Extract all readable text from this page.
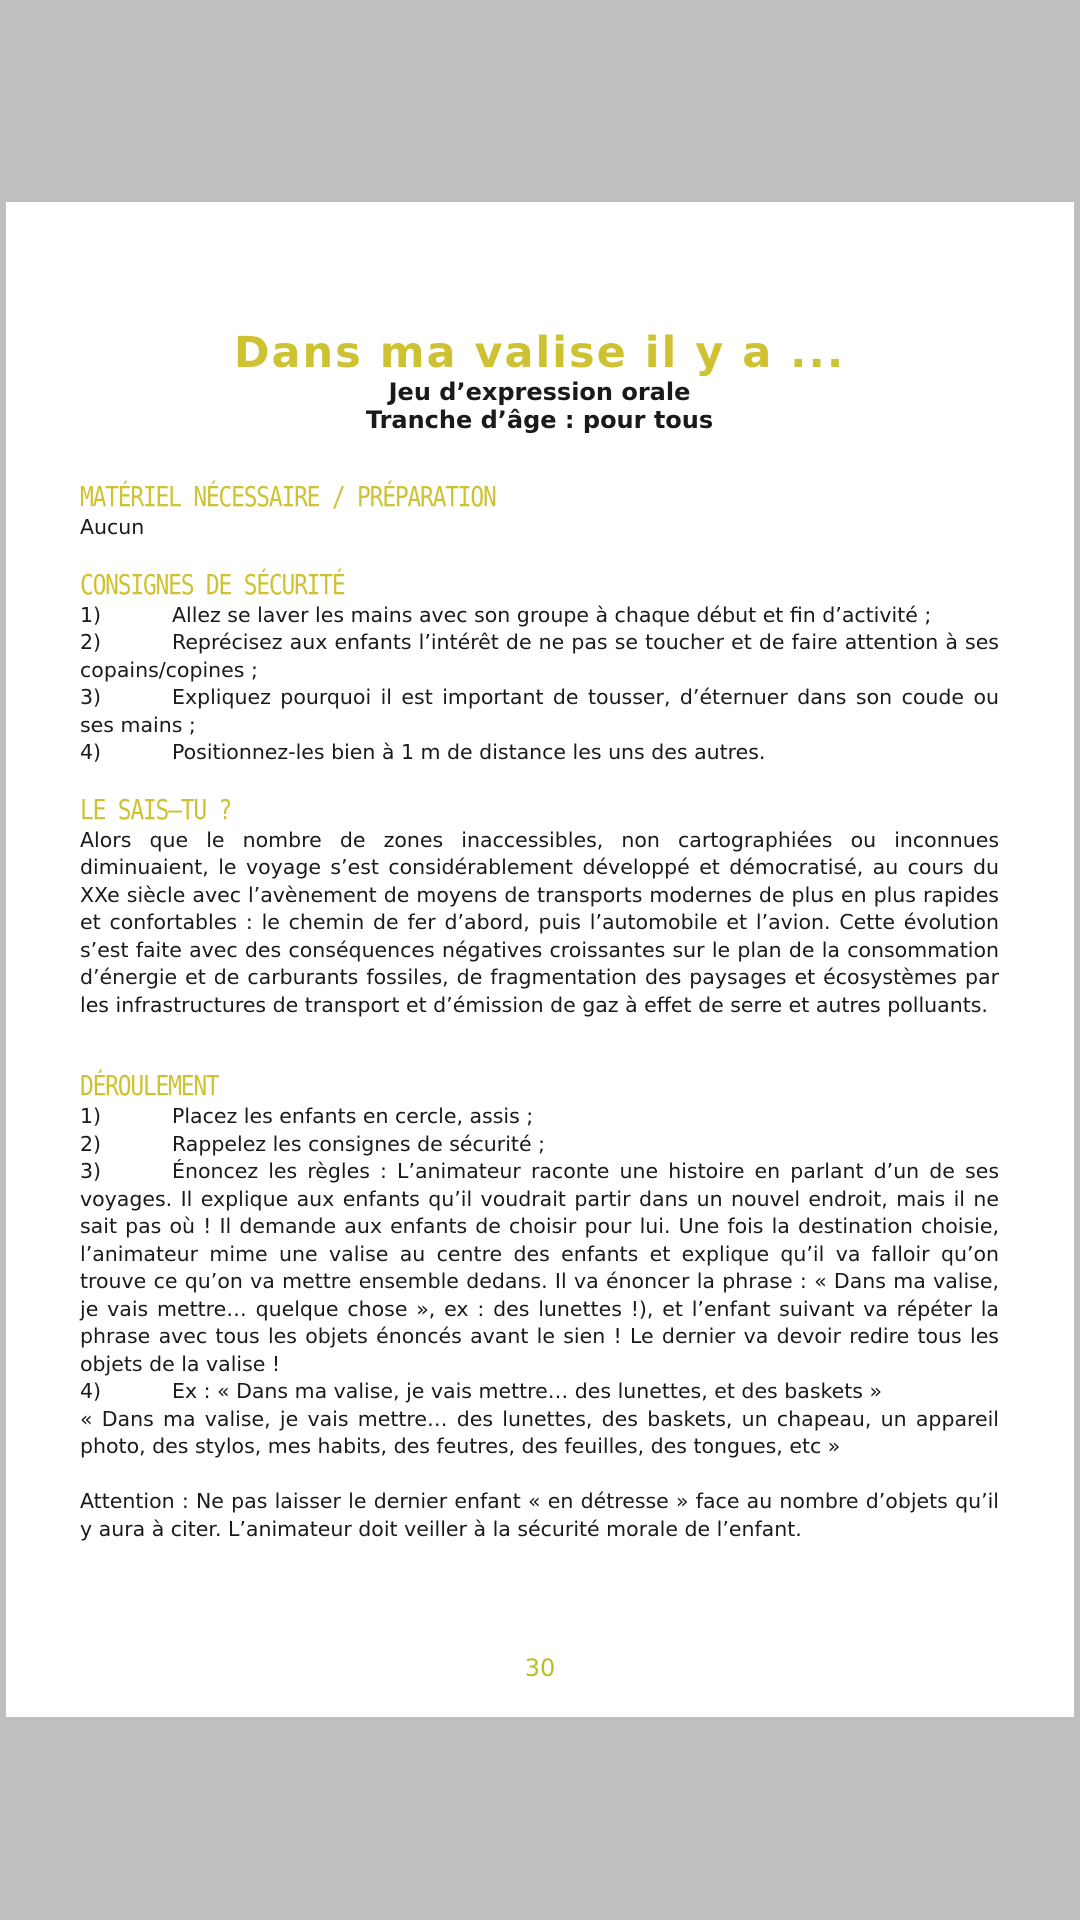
Dans ma valise il y a ...
Jeu d’expression orale
Tranche d’âge : pour tous
MATÉRIEL NÉCESSAIRE / PRÉPARATION

Aucun

CONSIGNES DE SÉCURITÉ

1)	Allez se laver les mains avec son groupe à chaque début et fin d’activité ;

2)	Reprécisez aux enfants l’intérêt de ne pas se toucher et de faire attention à ses copains/copines ;

3)	Expliquez pourquoi il est important de tousser, d’éternuer dans son coude ou ses mains ;

4)	Positionnez-les bien à 1 m de distance les uns des autres.

LE SAIS–TU ?

Alors que le nombre de zones inaccessibles, non cartographiées ou inconnues diminuaient, le voyage s’est considérablement développé et démocratisé, au cours du XXe siècle avec l’avènement de moyens de transports modernes de plus en plus rapides et confortables : le chemin de fer d’abord, puis l’automobile et l’avion. Cette évolution s’est faite avec des conséquences négatives croissantes sur le plan de la consommation d’énergie et de carburants fossiles, de fragmentation des paysages et écosystèmes par les infrastructures de transport et d’émission de gaz à effet de serre et autres polluants.

DÉROULEMENT

1)	Placez les enfants en cercle, assis ;

2)	Rappelez les consignes de sécurité ;

3)	Énoncez les règles : L’animateur raconte une histoire en parlant d’un de ses voyages. Il explique aux enfants qu’il voudrait partir dans un nouvel endroit, mais il ne sait pas où ! Il demande aux enfants de choisir pour lui. Une fois la destination choisie, l’animateur mime une valise au centre des enfants et explique qu’il va falloir qu’on trouve ce qu’on va mettre ensemble dedans. Il va énoncer la phrase : « Dans ma valise, je vais mettre… quelque chose », ex : des lunettes !), et l’enfant suivant va répéter la phrase avec tous les objets énoncés avant le sien ! Le dernier va devoir redire tous les objets de la valise !

4)	Ex : « Dans ma valise, je vais mettre… des lunettes, et des baskets »

« Dans ma valise, je vais mettre… des lunettes, des baskets, un chapeau, un appareil photo, des stylos, mes habits, des feutres, des feuilles, des tongues, etc »

Attention : Ne pas laisser le dernier enfant « en détresse » face au nombre d’objets qu’il y aura à citer. L’animateur doit veiller à la sécurité morale de l’enfant.

30
